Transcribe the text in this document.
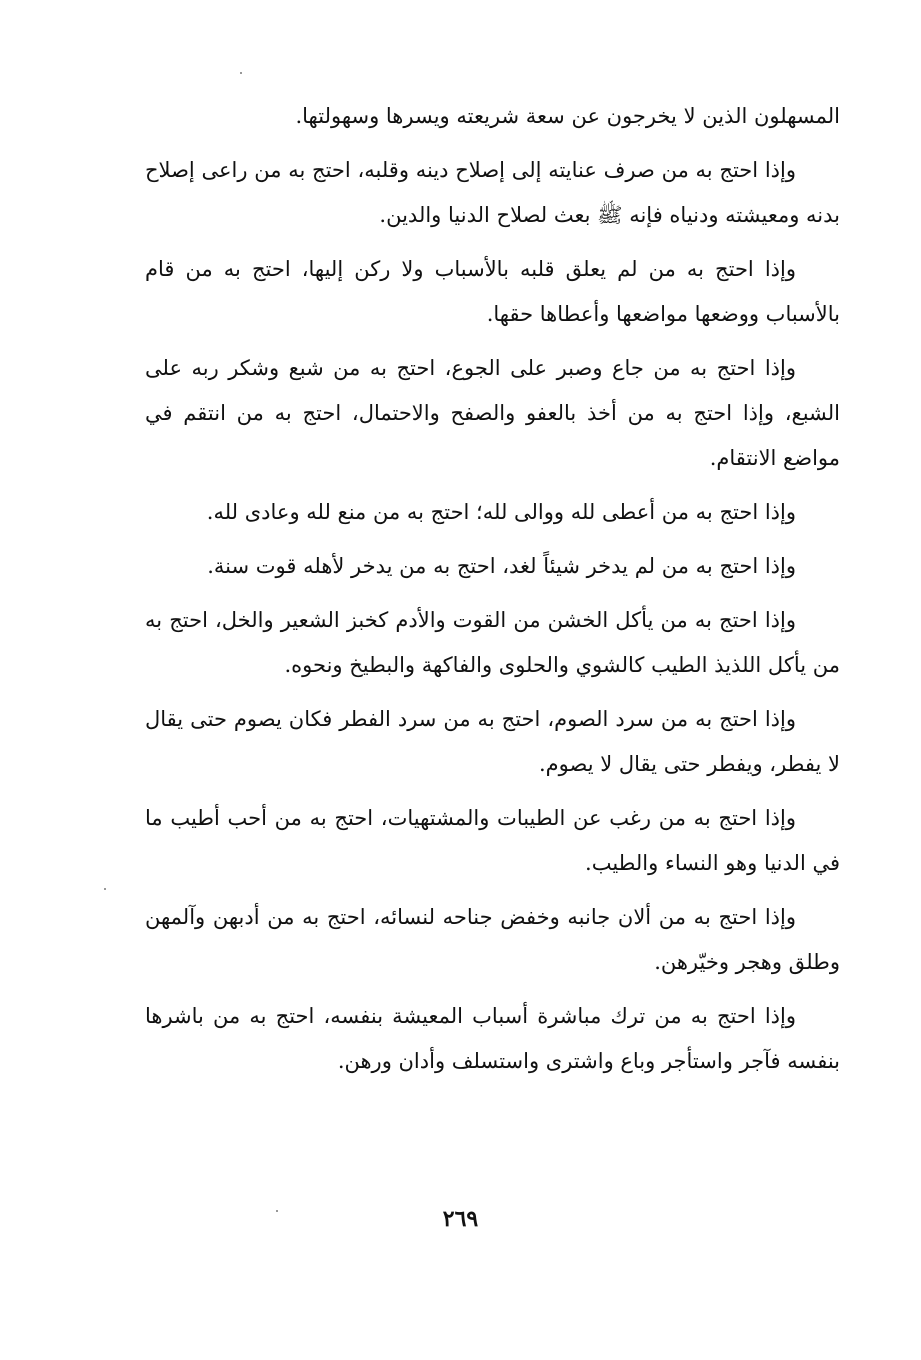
المسهلون الذين لا يخرجون عن سعة شريعته ويسرها وسهولتها.

وإذا احتج به من صرف عنايته إلى إصلاح دينه وقلبه، احتج به من راعى إصلاح بدنه ومعيشته ودنياه فإنه ﷺ بعث لصلاح الدنيا والدين.

وإذا احتج به من لم يعلق قلبه بالأسباب ولا ركن إليها، احتج به من قام بالأسباب ووضعها مواضعها وأعطاها حقها.

وإذا احتج به من جاع وصبر على الجوع، احتج به من شبع وشكر ربه على الشبع، وإذا احتج به من أخذ بالعفو والصفح والاحتمال، احتج به من انتقم في مواضع الانتقام.

وإذا احتج به من أعطى لله ووالى لله؛ احتج به من منع لله وعادى لله.

وإذا احتج به من لم يدخر شيئاً لغد، احتج به من يدخر لأهله قوت سنة.

وإذا احتج به من يأكل الخشن من القوت والأدم كخبز الشعير والخل، احتج به من يأكل اللذيذ الطيب كالشوي والحلوى والفاكهة والبطيخ ونحوه.

وإذا احتج به من سرد الصوم، احتج به من سرد الفطر فكان يصوم حتى يقال لا يفطر، ويفطر حتى يقال لا يصوم.

وإذا احتج به من رغب عن الطيبات والمشتهيات، احتج به من أحب أطيب ما في الدنيا وهو النساء والطيب.

وإذا احتج به من ألان جانبه وخفض جناحه لنسائه، احتج به من أدبهن وآلمهن وطلق وهجر وخيّرهن.

وإذا احتج به من ترك مباشرة أسباب المعيشة بنفسه، احتج به من باشرها بنفسه فآجر واستأجر وباع واشترى واستسلف وأدان ورهن.

٢٦٩
